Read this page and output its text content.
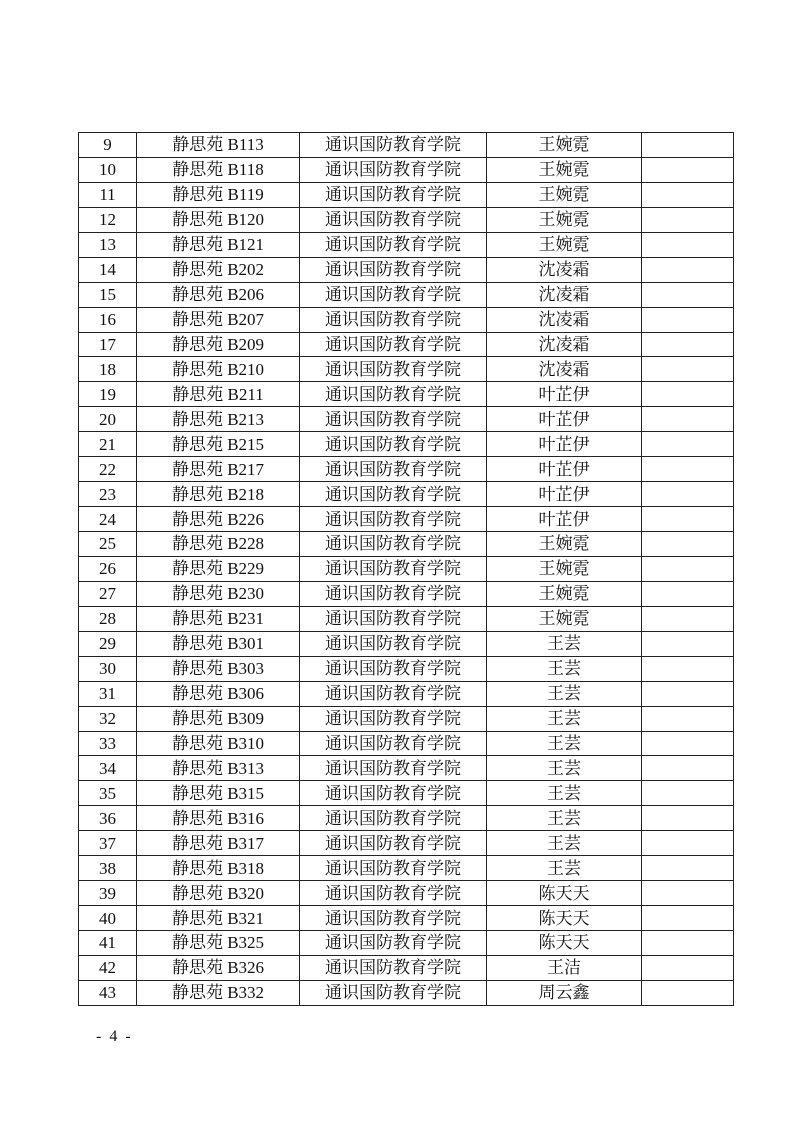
9	静思苑 B113	通识国防教育学院	王婉霓	
10	静思苑 B118	通识国防教育学院	王婉霓	
11	静思苑 B119	通识国防教育学院	王婉霓	
12	静思苑 B120	通识国防教育学院	王婉霓	
13	静思苑 B121	通识国防教育学院	王婉霓	
14	静思苑 B202	通识国防教育学院	沈凌霜	
15	静思苑 B206	通识国防教育学院	沈凌霜	
16	静思苑 B207	通识国防教育学院	沈凌霜	
17	静思苑 B209	通识国防教育学院	沈凌霜	
18	静思苑 B210	通识国防教育学院	沈凌霜	
19	静思苑 B211	通识国防教育学院	叶芷伊	
20	静思苑 B213	通识国防教育学院	叶芷伊	
21	静思苑 B215	通识国防教育学院	叶芷伊	
22	静思苑 B217	通识国防教育学院	叶芷伊	
23	静思苑 B218	通识国防教育学院	叶芷伊	
24	静思苑 B226	通识国防教育学院	叶芷伊	
25	静思苑 B228	通识国防教育学院	王婉霓	
26	静思苑 B229	通识国防教育学院	王婉霓	
27	静思苑 B230	通识国防教育学院	王婉霓	
28	静思苑 B231	通识国防教育学院	王婉霓	
29	静思苑 B301	通识国防教育学院	王芸	
30	静思苑 B303	通识国防教育学院	王芸	
31	静思苑 B306	通识国防教育学院	王芸	
32	静思苑 B309	通识国防教育学院	王芸	
33	静思苑 B310	通识国防教育学院	王芸	
34	静思苑 B313	通识国防教育学院	王芸	
35	静思苑 B315	通识国防教育学院	王芸	
36	静思苑 B316	通识国防教育学院	王芸	
37	静思苑 B317	通识国防教育学院	王芸	
38	静思苑 B318	通识国防教育学院	王芸	
39	静思苑 B320	通识国防教育学院	陈天天	
40	静思苑 B321	通识国防教育学院	陈天天	
41	静思苑 B325	通识国防教育学院	陈天天	
42	静思苑 B326	通识国防教育学院	王洁	
43	静思苑 B332	通识国防教育学院	周云鑫	
- 4 -
